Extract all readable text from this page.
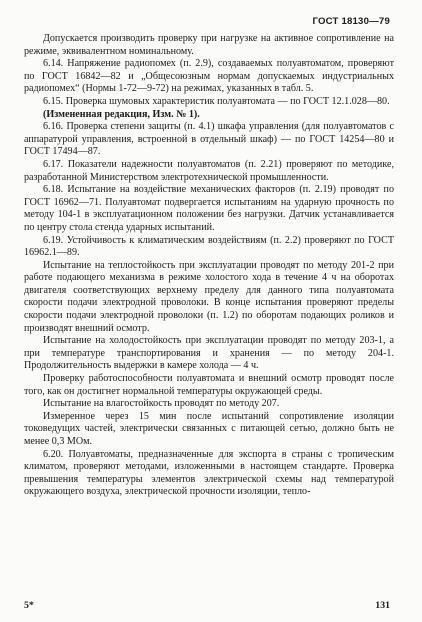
ГОСТ 18130—79

Допускается производить проверку при нагрузке на активное сопротивление на режиме, эквивалентном номинальному.

6.14. Напряжение радиопомех (п. 2.9), создаваемых полуавтоматом, проверяют по ГОСТ 16842—82 и „Общесоюзным нормам допускаемых индустриальных радиопомех“ (Нормы 1-72—9-72) на режимах, указанных в табл. 5.

6.15. Проверка шумовых характеристик полуавтомата — по ГОСТ 12.1.028—80.

(Измененная редакция, Изм. № 1).

6.16. Проверка степени защиты (п. 4.1) шкафа управления (для полуавтоматов с аппаратурой управления, встроенной в отдельный шкаф) — по ГОСТ 14254—80 и ГОСТ 17494—87.

6.17. Показатели надежности полуавтоматов (п. 2.21) проверяют по методике, разработанной Министерством электротехнической промышленности.

6.18. Испытание на воздействие механических факторов (п. 2.19) проводят по ГОСТ 16962—71. Полуавтомат подвергается испытаниям на ударную прочность по методу 104-1 в эксплуатационном положении без нагрузки. Датчик устанавливается по центру стола стенда ударных испытаний.

6.19. Устойчивость к климатическим воздействиям (п. 2.2) проверяют по ГОСТ 16962.1—89.

Испытание на теплостойкость при эксплуатации проводят по методу 201-2 при работе подающего механизма в режиме холостого хода в течение 4 ч на оборотах двигателя соответствующих верхнему пределу для данного типа полуавтомата скорости подачи электродной проволоки. В конце испытания проверяют пределы скорости подачи электродной проволоки (п. 1.2) по оборотам подающих роликов и производят внешний осмотр.

Испытание на холодостойкость при эксплуатации проводят по методу 203-1, а при температуре транспортирования и хранения — по методу 204-1. Продолжительность выдержки в камере холода — 4 ч.

Проверку работоспособности полуавтомата и внешний осмотр проводят после того, как он достигнет нормальной температуры окружающей среды.

Испытание на влагостойкость проводят по методу 207.

Измеренное через 15 мин после испытаний сопротивление изоляции токоведущих частей, электрически связанных с питающей сетью, должно быть не менее 0,3 МОм.

6.20. Полуавтоматы, предназначенные для экспорта в страны с тропическим климатом, проверяют методами, изложенными в настоящем стандарте. Проверка превышения температуры элементов электрической схемы над температурой окружающего воздуха, электрической прочности изоляции, тепло-

5*	131
